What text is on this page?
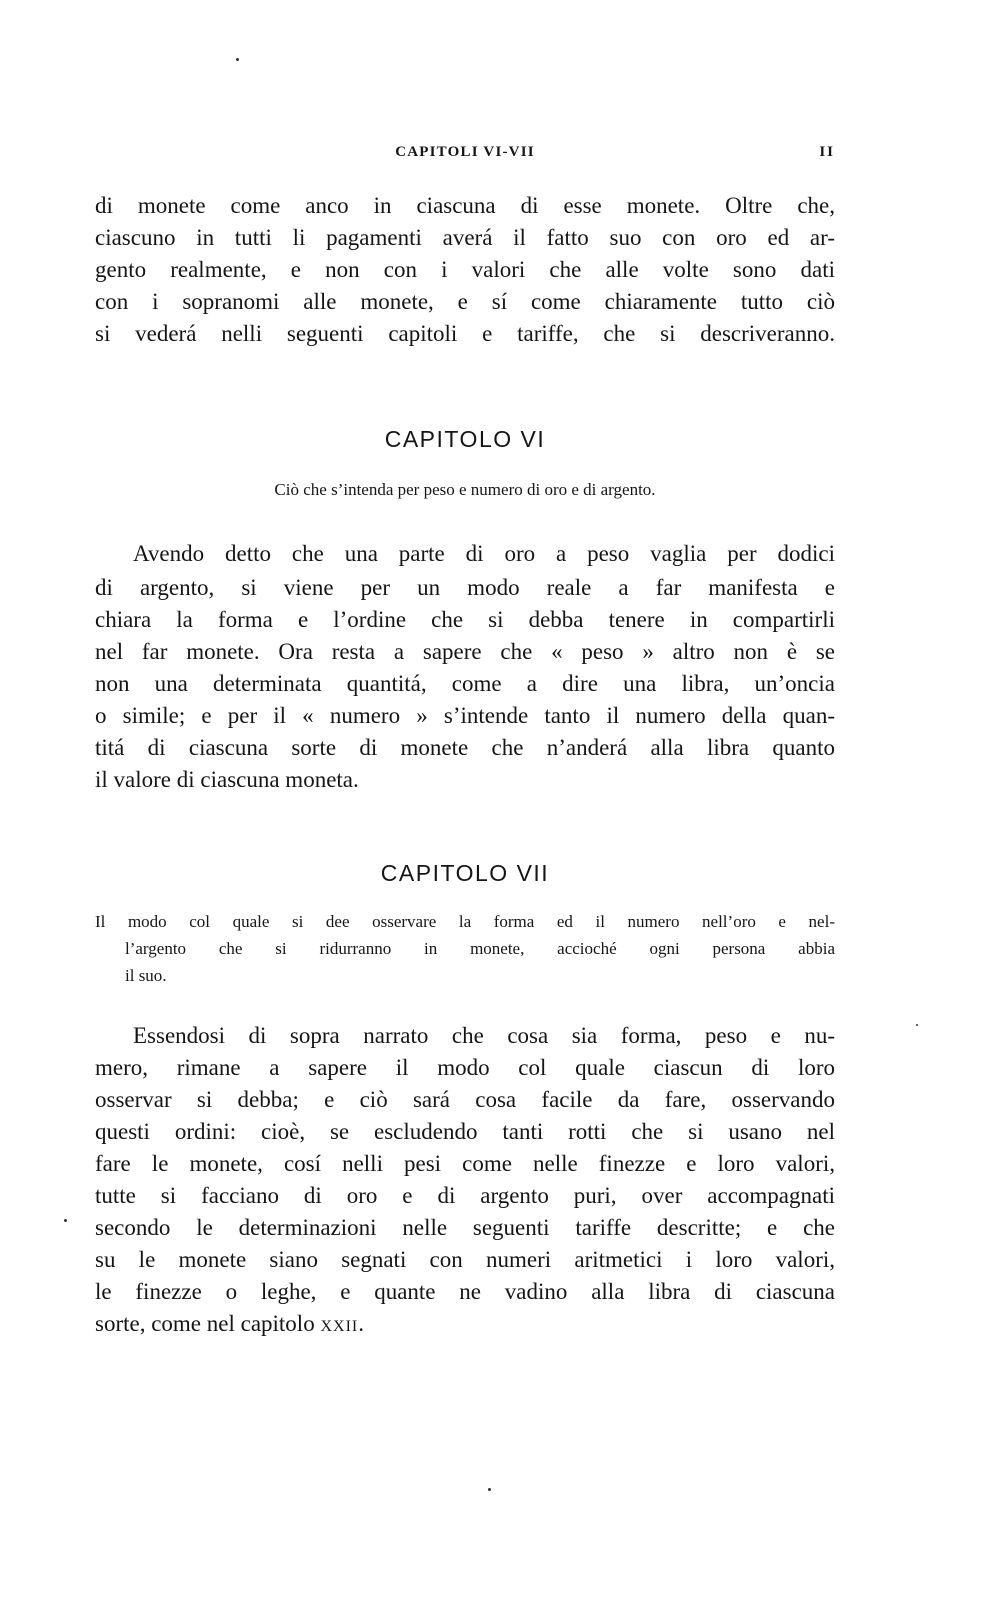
CAPITOLI VI-VII	II
di monete come anco in ciascuna di esse monete. Oltre che,
ciascuno in tutti li pagamenti averá il fatto suo con oro ed ar-
gento realmente, e non con i valori che alle volte sono dati
con i sopranomi alle monete, e sí come chiaramente tutto ciò
si vederá nelli seguenti capitoli e tariffe, che si descriveranno.
CAPITOLO VI
Ciò che s’intenda per peso e numero di oro e di argento.
Avendo detto che una parte di oro a peso vaglia per dodici
di argento, si viene per un modo reale a far manifesta e
chiara la forma e l’ordine che si debba tenere in compartirli
nel far monete. Ora resta a sapere che « peso » altro non è se
non una determinata quantitá, come a dire una libra, un’oncia
o simile; e per il « numero » s’intende tanto il numero della quan-
titá di ciascuna sorte di monete che n’anderá alla libra quanto
il valore di ciascuna moneta.
CAPITOLO VII
Il modo col quale si dee osservare la forma ed il numero nell’oro e nel-
l’argento che si ridurranno in monete, accioché ogni persona abbia
il suo.
Essendosi di sopra narrato che cosa sia forma, peso e nu-
mero, rimane a sapere il modo col quale ciascun di loro
osservar si debba; e ciò sará cosa facile da fare, osservando
questi ordini: cioè, se escludendo tanti rotti che si usano nel
fare le monete, cosí nelli pesi come nelle finezze e loro valori,
tutte si facciano di oro e di argento puri, over accompagnati
secondo le determinazioni nelle seguenti tariffe descritte; e che
su le monete siano segnati con numeri aritmetici i loro valori,
le finezze o leghe, e quante ne vadino alla libra di ciascuna
sorte, come nel capitolo xxii.
